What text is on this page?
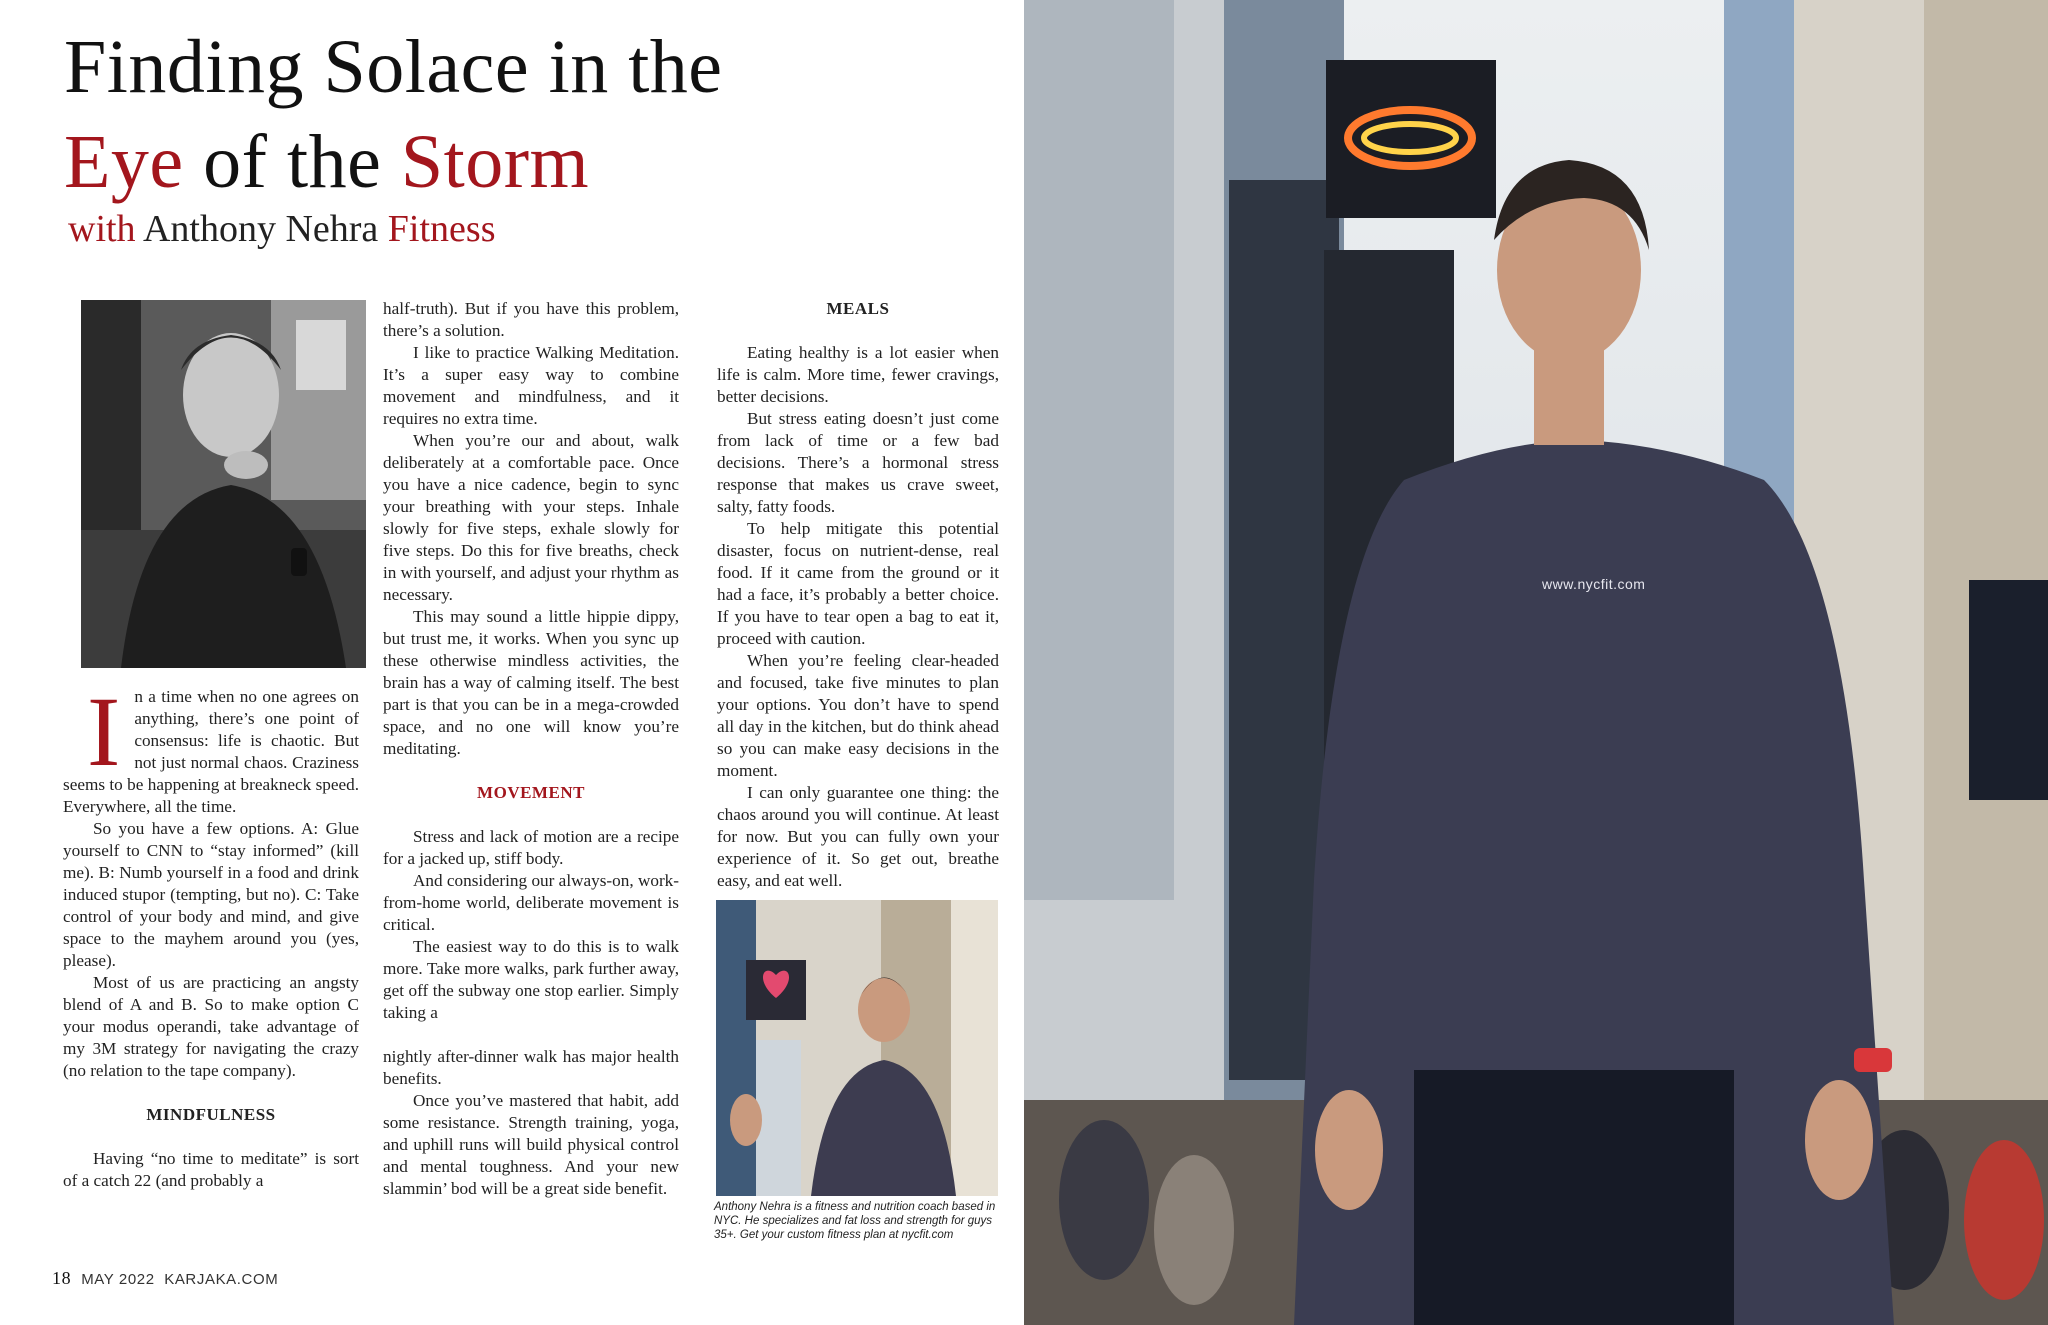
Finding Solace in the
Eye of the Storm
with Anthony Nehra Fitness

In a time when no one agrees on anything, there’s one point of consensus: life is chaotic. But not just normal chaos. Craziness seems to be happening at breakneck speed. Everywhere, all the time.

So you have a few options. A: Glue yourself to CNN to “stay informed” (kill me). B: Numb yourself in a food and drink induced stupor (tempting, but no). C: Take control of your body and mind, and give space to the mayhem around you (yes, please).

Most of us are practicing an angsty blend of A and B. So to make option C your modus operandi, take advantage of my 3M strategy for navigating the crazy (no relation to the tape company).

MINDFULNESS

Having “no time to meditate” is sort of a catch 22 (and probably a

half-truth). But if you have this problem, there’s a solution.

I like to practice Walking Meditation. It’s a super easy way to combine movement and mindfulness, and it requires no extra time.

When you’re our and about, walk deliberately at a comfortable pace. Once you have a nice cadence, begin to sync your breathing with your steps. Inhale slowly for five steps, exhale slowly for five steps. Do this for five breaths, check in with yourself, and adjust your rhythm as necessary.

This may sound a little hippie dippy, but trust me, it works. When you sync up these otherwise mindless activities, the brain has a way of calming itself. The best part is that you can be in a mega-crowded space, and no one will know you’re meditating.

MOVEMENT

Stress and lack of motion are a recipe for a jacked up, stiff body.

And considering our always-on, work-from-home world, deliberate movement is critical.

The easiest way to do this is to walk more. Take more walks, park further away, get off the subway one stop earlier. Simply taking a

nightly after-dinner walk has major health benefits.

Once you’ve mastered that habit, add some resistance. Strength training, yoga, and uphill runs will build physical control and mental toughness. And your new slammin’ bod will be a great side benefit.

MEALS

Eating healthy is a lot easier when life is calm. More time, fewer cravings, better decisions.

But stress eating doesn’t just come from lack of time or a few bad decisions. There’s a hormonal stress response that makes us crave sweet, salty, fatty foods.

To help mitigate this potential disaster, focus on nutrient-dense, real food. If it came from the ground or it had a face, it’s probably a better choice. If you have to tear open a bag to eat it, proceed with caution.

When you’re feeling clear-headed and focused, take five minutes to plan your options. You don’t have to spend all day in the kitchen, but do think ahead so you can make easy decisions in the moment.

I can only guarantee one thing: the chaos around you will continue. At least for now. But you can fully own your experience of it. So get out, breathe easy, and eat well.

Anthony Nehra is a fitness and nutrition coach based in NYC. He specializes and fat loss and strength for guys 35+. Get your custom fitness plan at nycfit.com

18 MAY 2022 KARJAKA.COM
www.nycfit.com
